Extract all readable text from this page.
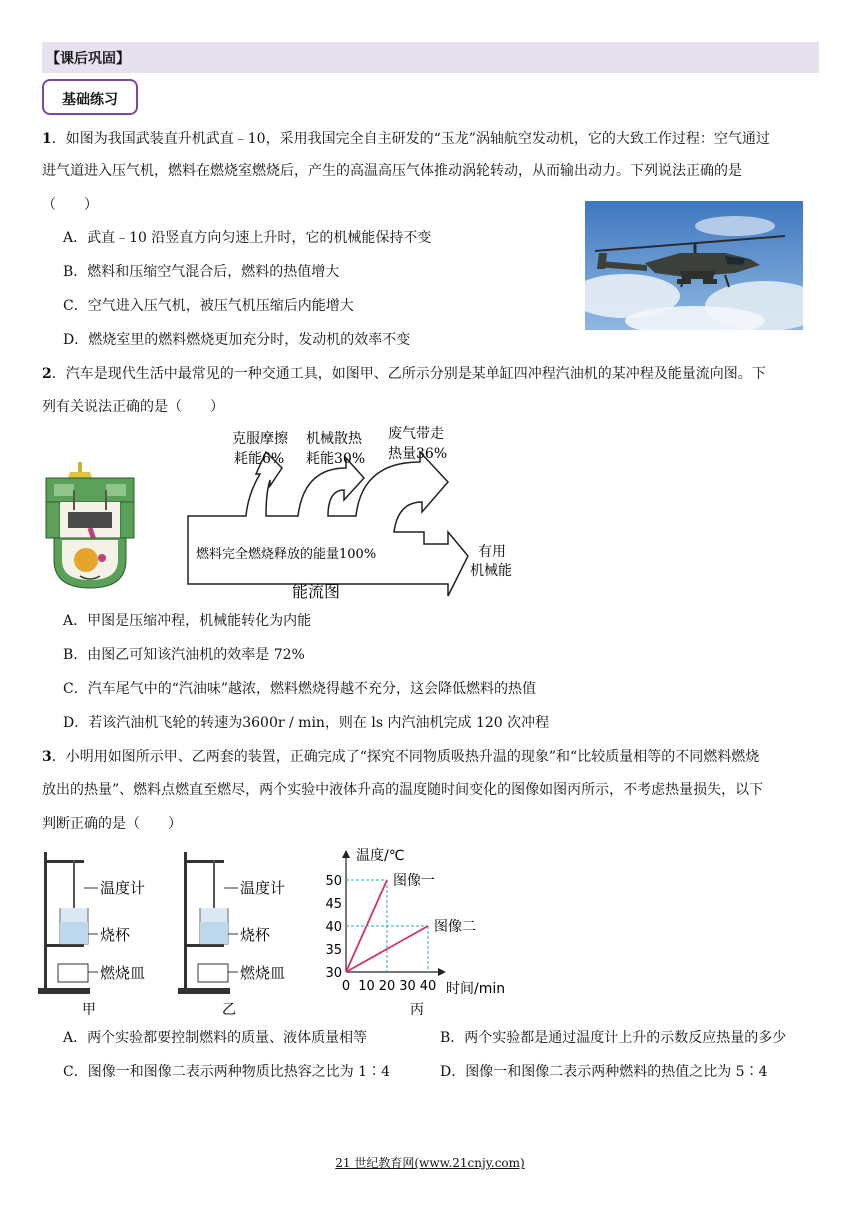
【课后巩固】
基础练习
1．如图为我国武装直升机武直﹣10，采用我国完全自主研发的“玉龙”涡轴航空发动机，它的大致工作过程：空气通过
进气道进入压气机，燃料在燃烧室燃烧后，产生的高温高压气体推动涡轮转动，从而输出动力。下列说法正确的是
（　　）
A．武直﹣10 沿竖直方向匀速上升时，它的机械能保持不变
B．燃料和压缩空气混合后，燃料的热值增大
C．空气进入压气机，被压气机压缩后内能增大
D．燃烧室里的燃料燃烧更加充分时，发动机的效率不变
2．汽车是现代生活中最常见的一种交通工具，如图甲、乙所示分别是某单缸四冲程汽油机的某冲程及能量流向图。下
列有关说法正确的是（　　）
克服摩擦
耗能6%
机械散热
耗能30%
废气带走
热量36%
燃料完全燃烧释放的能量100%	有用
机械能
能流图
A．甲图是压缩冲程，机械能转化为内能
B．由图乙可知该汽油机的效率是 72%
C．汽车尾气中的“汽油味”越浓，燃料燃烧得越不充分，这会降低燃料的热值
D．若该汽油机飞轮的转速为3600r / min，则在 ls 内汽油机完成 120 次冲程
3．小明用如图所示甲、乙两套的装置，正确完成了“探究不同物质吸热升温的现象”和“比较质量相等的不同燃料燃烧
放出的热量”、燃料点燃直至燃尽，两个实验中液体升高的温度随时间变化的图像如图丙所示，不考虑热量损失，以下
判断正确的是（　　）
温度计
烧杯
燃烧皿
甲
温度计
烧杯
燃烧皿
乙
30
35
40
45
50
0 10 20 30 40
图像一
图像二
温度/℃
时间/min
丙
A．两个实验都要控制燃料的质量、液体质量相等	B．两个实验都是通过温度计上升的示数反应热量的多少
C．图像一和图像二表示两种物质比热容之比为 1∶4	D．图像一和图像二表示两种燃料的热值之比为 5∶4
21 世纪教育网(www.21cnjy.com)
